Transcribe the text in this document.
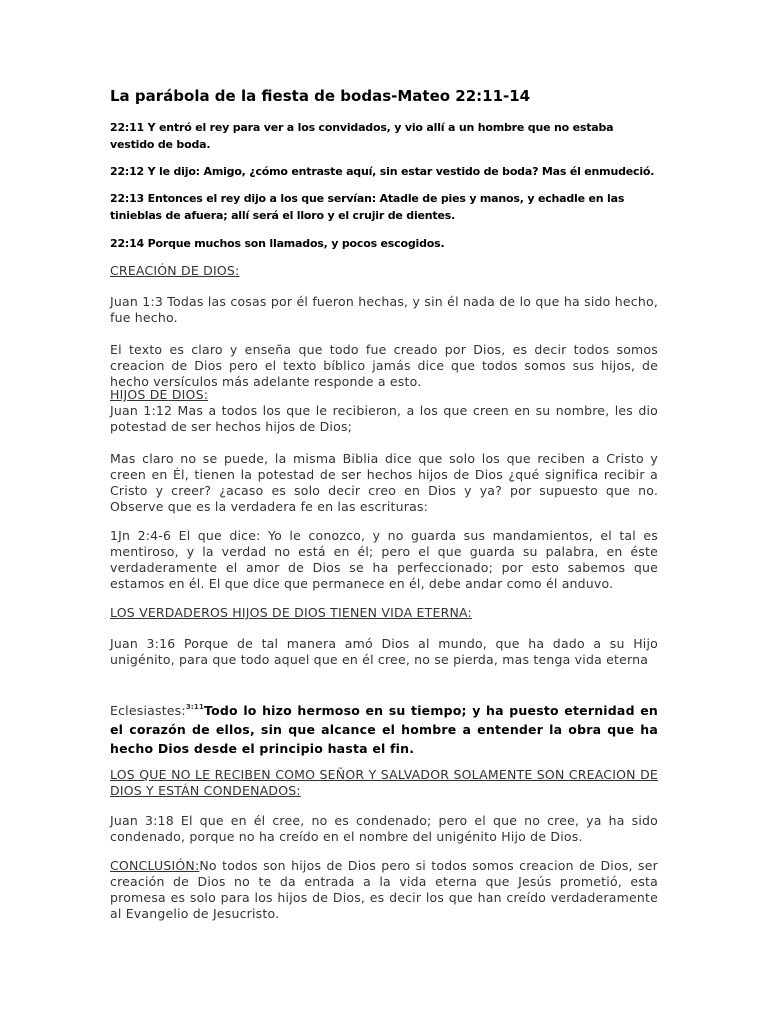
La parábola de la fiesta de bodas-Mateo 22:11-14

22:11 Y entró el rey para ver a los convidados, y vio allí a un hombre que no estaba vestido de boda.

22:12 Y le dijo: Amigo, ¿cómo entraste aquí, sin estar vestido de boda? Mas él enmudeció.

22:13 Entonces el rey dijo a los que servían: Atadle de pies y manos, y echadle en las tinieblas de afuera; allí será el lloro y el crujir de dientes.

22:14 Porque muchos son llamados, y pocos escogidos.

CREACIÓN DE DIOS:

Juan 1:3 Todas las cosas por él fueron hechas, y sin él nada de lo que ha sido hecho, fue hecho.

El texto es claro y enseña que todo fue creado por Dios, es decir todos somos creacion de Dios pero el texto bíblico jamás dice que todos somos sus hijos, de hecho versículos más adelante responde a esto.

HIJOS DE DIOS:

Juan 1:12 Mas a todos los que le recibieron, a los que creen en su nombre, les dio potestad de ser hechos hijos de Dios;

Mas claro no se puede, la misma Biblia dice que solo los que reciben a Cristo y creen en Él, tienen la potestad de ser hechos hijos de Dios ¿qué significa recibir a Cristo y creer? ¿acaso es solo decir creo en Dios y ya? por supuesto que no. Observe que es la verdadera fe en las escrituras:

1Jn 2:4-6 El que dice: Yo le conozco, y no guarda sus mandamientos, el tal es mentiroso, y la verdad no está en él; pero el que guarda su palabra, en éste verdaderamente el amor de Dios se ha perfeccionado; por esto sabemos que estamos en él. El que dice que permanece en él, debe andar como él anduvo.

LOS VERDADEROS HIJOS DE DIOS TIENEN VIDA ETERNA:

Juan 3:16 Porque de tal manera amó Dios al mundo, que ha dado a su Hijo unigénito, para que todo aquel que en él cree, no se pierda, mas tenga vida eterna

Eclesiastes:$^{3:11}$Todo lo hizo hermoso en su tiempo; y ha puesto eternidad en el corazón de ellos, sin que alcance el hombre a entender la obra que ha hecho Dios desde el principio hasta el fin.

LOS QUE NO LE RECIBEN COMO SEÑOR Y SALVADOR SOLAMENTE SON CREACION DE DIOS Y ESTÁN CONDENADOS:

Juan 3:18 El que en él cree, no es condenado; pero el que no cree, ya ha sido condenado, porque no ha creído en el nombre del unigénito Hijo de Dios.

CONCLUSIÓN:No todos son hijos de Dios pero si todos somos creacion de Dios, ser creación de Dios no te da entrada a la vida eterna que Jesús prometió, esta promesa es solo para los hijos de Dios, es decir los que han creído verdaderamente al Evangelio de Jesucristo.
